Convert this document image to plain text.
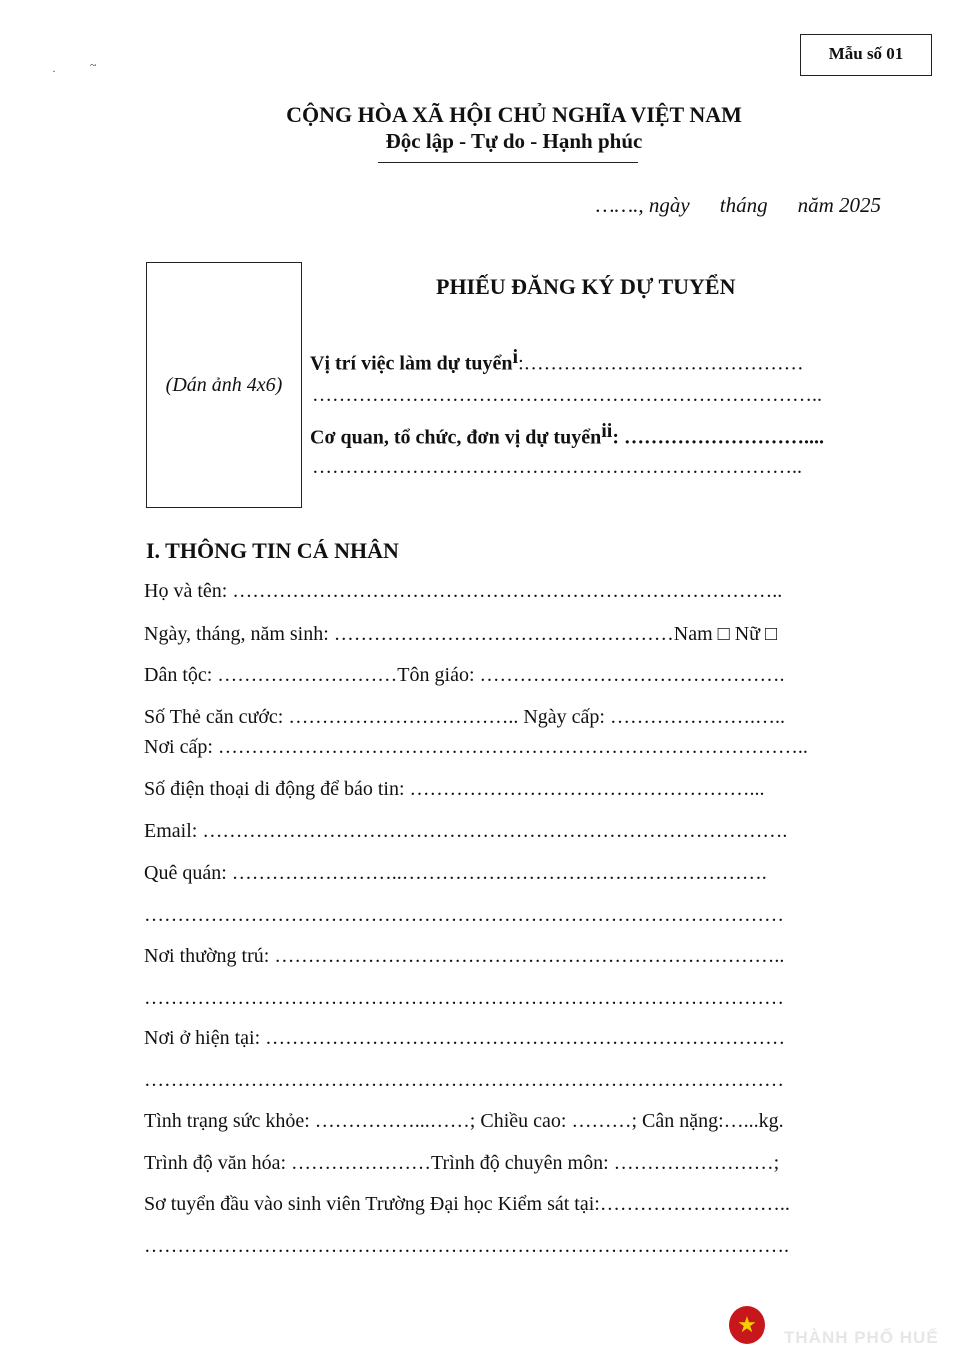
Mẫu số 01
·	~
CỘNG HÒA XÃ HỘI CHỦ NGHĨA VIỆT NAM
Độc lập - Tự do - Hạnh phúc
……., ngày tháng năm 2025
(Dán ảnh 4x6)
PHIẾU ĐĂNG KÝ DỰ TUYỂN
Vị trí việc làm dự tuyển$^i$:……………………………………
…………………………………………………………………..
Cơ quan, tổ chức, đơn vị dự tuyển$^{ii}$: ………………………....
………………………………………………………………..
I. THÔNG TIN CÁ NHÂN
Họ và tên: ………………………………………………………………………..
Ngày, tháng, năm sinh: ……………………………………………Nam □ Nữ □
Dân tộc: ………………………Tôn giáo: ……………………………………….
Số Thẻ căn cước: …………………………….. Ngày cấp: ………………….…..
Nơi cấp: ……………………………………………………………………………..
Số điện thoại di động để báo tin: ……………………………………………...
Email: …………………………………………………………………………….
Quê quán: ……………………..……………………………………………….
……………………………………………………………………………………
Nơi thường trú: …………………………………………………………………..
……………………………………………………………………………………
Nơi ở hiện tại: ……………………………………………………………………
……………………………………………………………………………………
Tình trạng sức khỏe: ……………...……; Chiều cao: ………; Cân nặng:…...kg.
Trình độ văn hóa: …………………Trình độ chuyên môn: ……………………;
Sơ tuyển đầu vào sinh viên Trường Đại học Kiểm sát tại:………………………..
…………………………………………………………………………………….
★
THÀNH PHỐ HUẾ
